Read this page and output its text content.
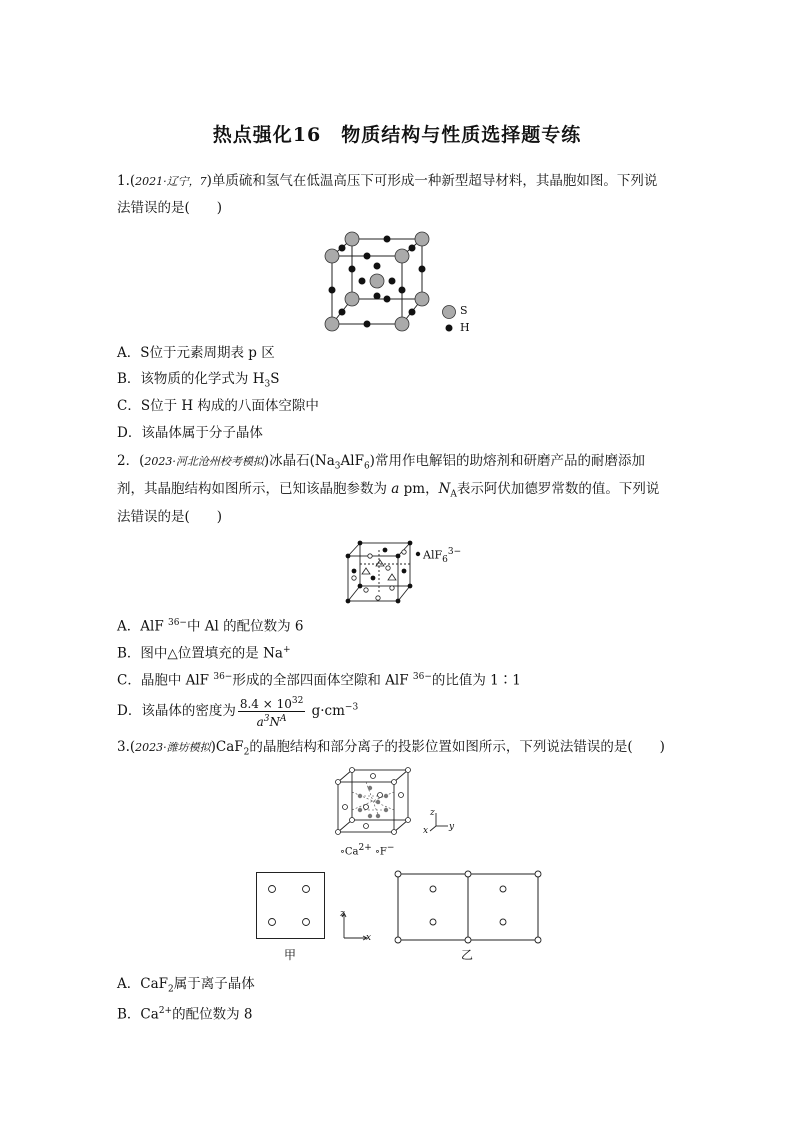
热点强化16　物质结构与性质选择题专练
1.(2021·辽宁，7)单质硫和氢气在低温高压下可形成一种新型超导材料，其晶胞如图。下列说
法错误的是(　　)
S
H
A．S位于元素周期表 p 区
B．该物质的化学式为 $H_3S$
C．S位于 H 构成的八面体空隙中
D．该晶体属于分子晶体
2．(2023·河北沧州校考模拟)冰晶石$(Na_3AlF_6)$常用作电解铝的助熔剂和研磨产品的耐磨添加
剂，其晶胞结构如图所示，已知该晶胞参数为 a pm，$N_A$表示阿伏加德罗常数的值。下列说
法错误的是(　　)
AlF$_6^{3-}$
A．AlF $^{36-}$中 Al 的配位数为 6
B．图中△位置填充的是 Na+
C．晶胞中 AlF $^{36-}$形成的全部四面体空隙和 AlF $^{36-}$的比值为 1∶1
D．该晶体的密度为 $\frac{8.4 \times 10^{32}}{a^3N^A} g\cdot cm^{-3}$
3.(2023·潍坊模拟)CaF$_2$的晶胞结构和部分离子的投影位置如图所示，下列说法错误的是(　　)
z
y
x
$\circ Ca^{2+}$ ∘F−
z
x
甲	乙
A．CaF$_2$属于离子晶体
B．$Ca^{2+}$的配位数为 8
